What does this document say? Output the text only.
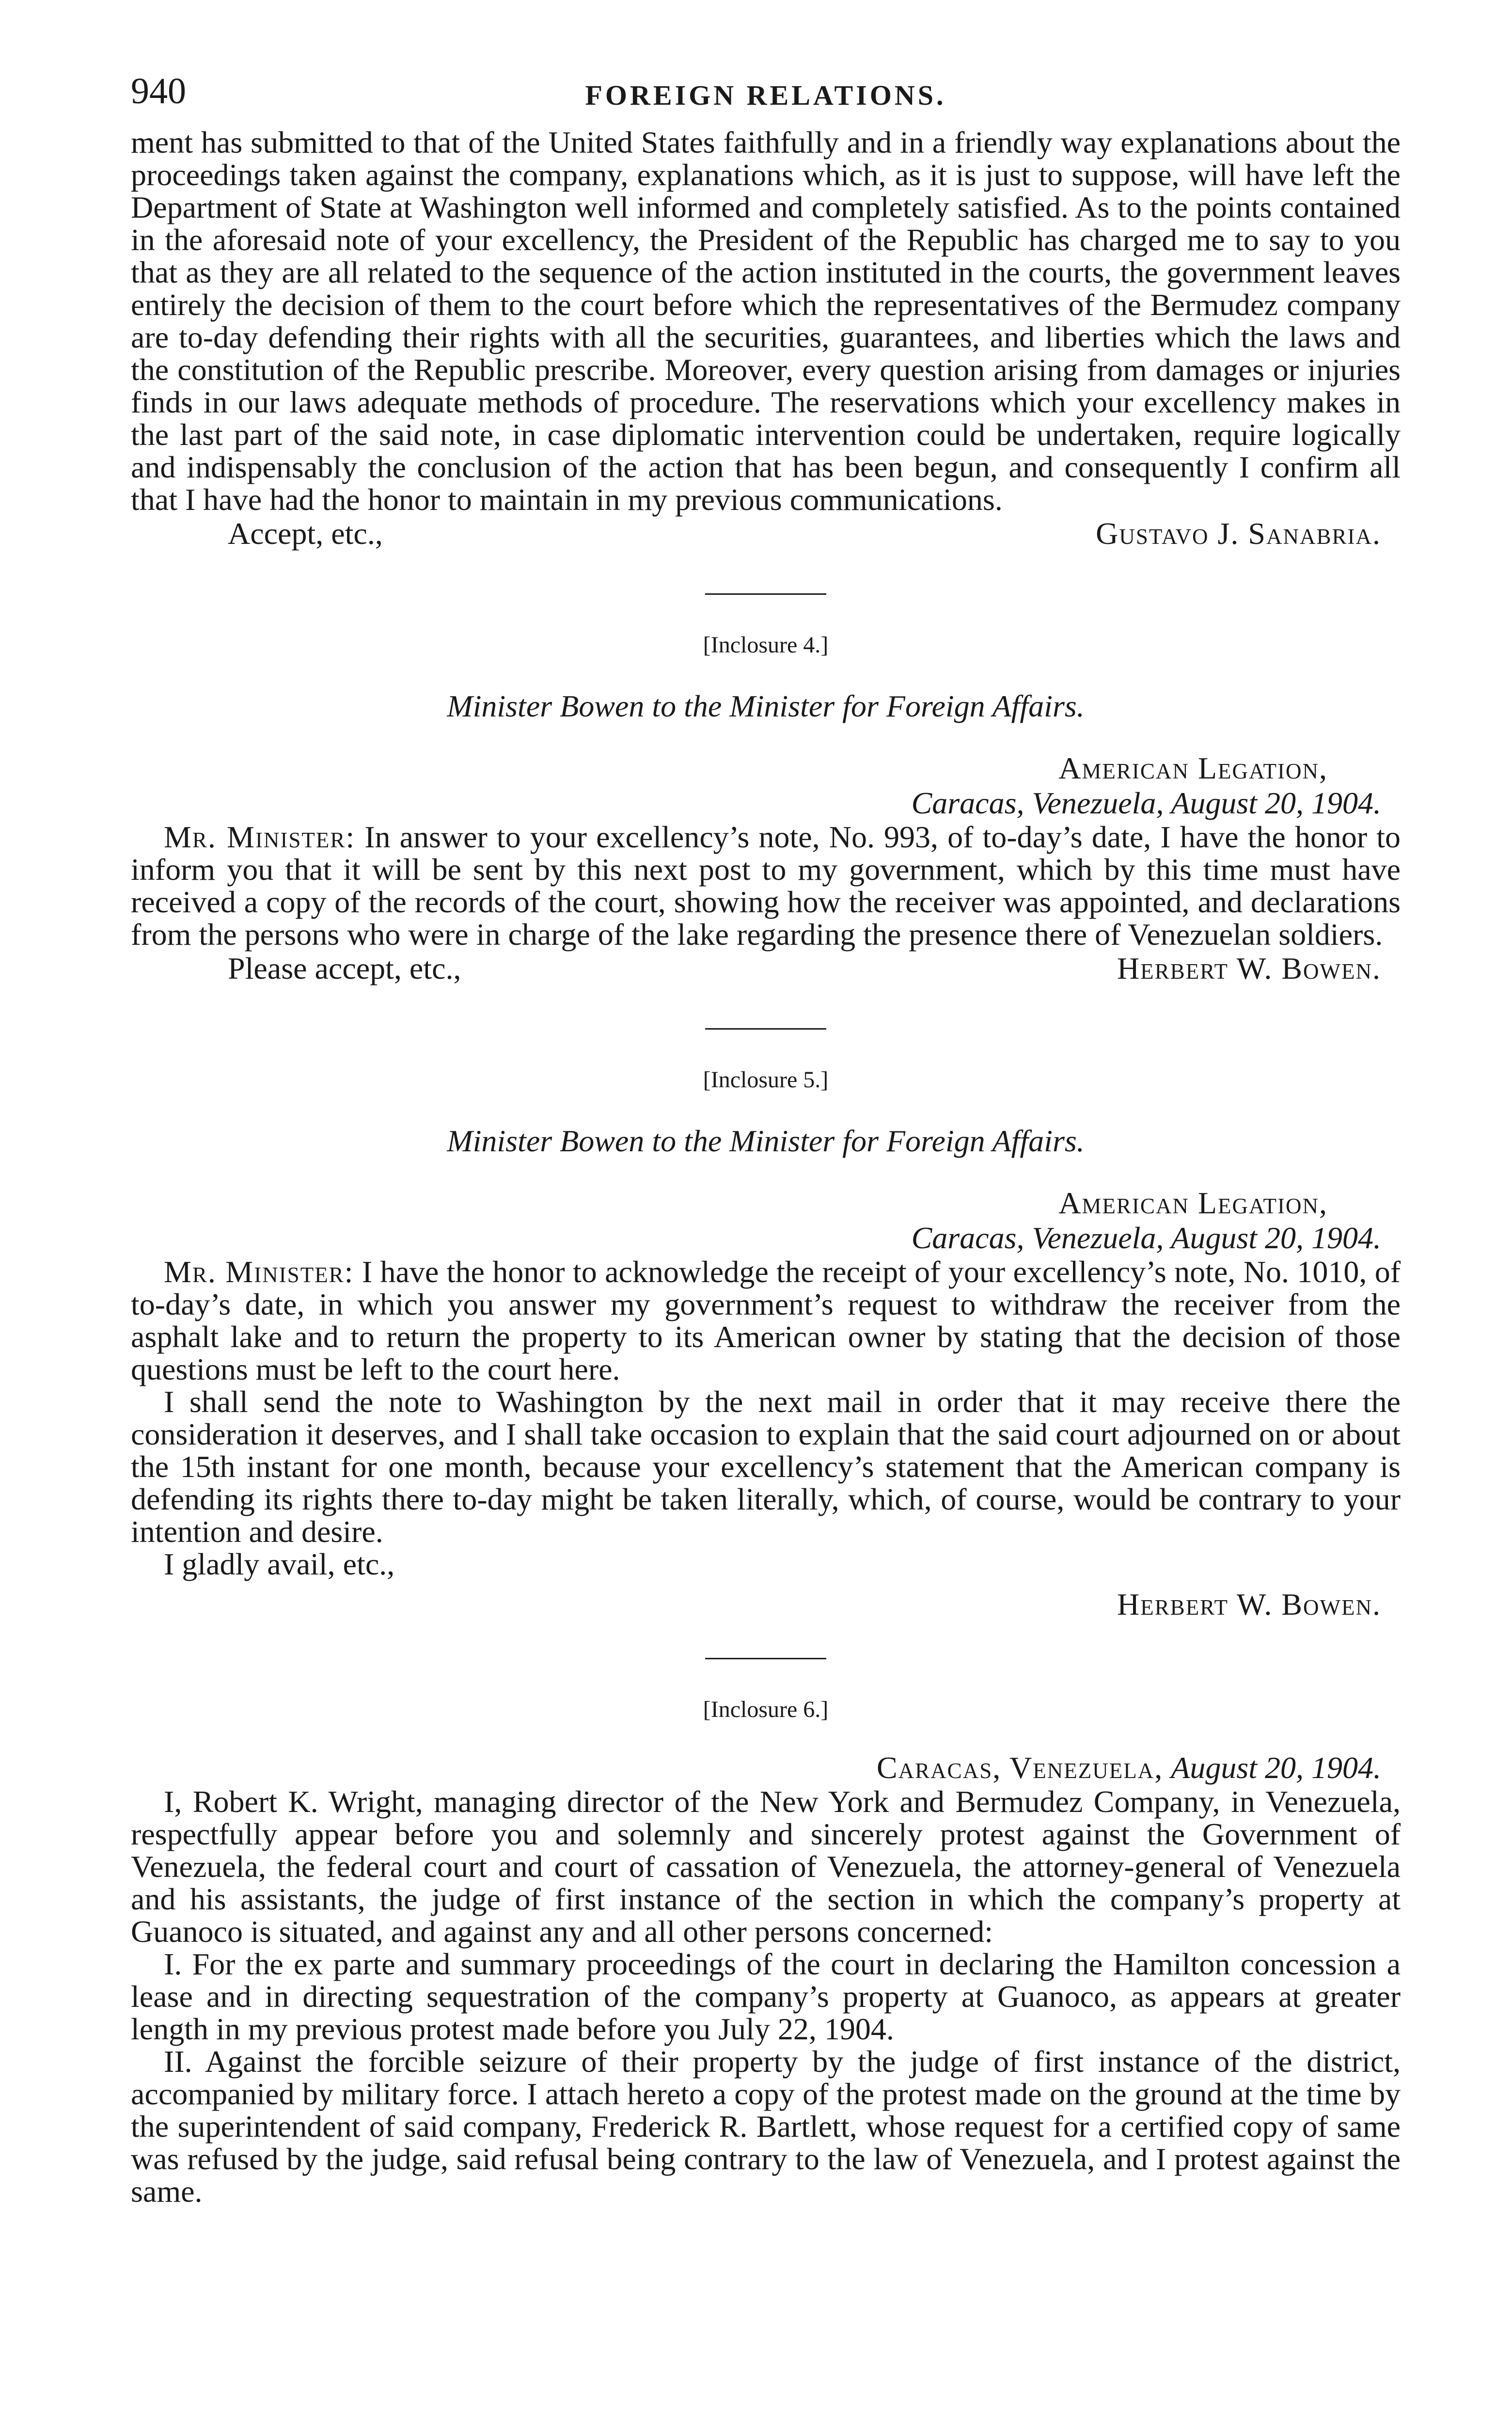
940	FOREIGN RELATIONS.

ment has submitted to that of the United States faithfully and in a friendly way explanations about the proceedings taken against the company, explanations which, as it is just to suppose, will have left the Department of State at Washington well informed and completely satisfied. As to the points contained in the aforesaid note of your excellency, the President of the Republic has charged me to say to you that as they are all related to the sequence of the action instituted in the courts, the government leaves entirely the decision of them to the court before which the representatives of the Bermudez company are to-day defending their rights with all the securities, guarantees, and liberties which the laws and the constitution of the Republic prescribe. Moreover, every question arising from damages or injuries finds in our laws adequate methods of procedure. The reservations which your excellency makes in the last part of the said note, in case diplomatic intervention could be undertaken, require logically and indispensably the conclusion of the action that has been begun, and consequently I confirm all that I have had the honor to maintain in my previous communications.

Accept, etc.,	Gustavo J. Sanabria.
[Inclosure 4.]
Minister Bowen to the Minister for Foreign Affairs.
American Legation,
Caracas, Venezuela, August 20, 1904.

Mr. Minister: In answer to your excellency’s note, No. 993, of to-day’s date, I have the honor to inform you that it will be sent by this next post to my government, which by this time must have received a copy of the records of the court, showing how the receiver was appointed, and declarations from the persons who were in charge of the lake regarding the presence there of Venezuelan soldiers.

Please accept, etc.,	Herbert W. Bowen.
[Inclosure 5.]
Minister Bowen to the Minister for Foreign Affairs.
American Legation,
Caracas, Venezuela, August 20, 1904.

Mr. Minister: I have the honor to acknowledge the receipt of your excellency’s note, No. 1010, of to-day’s date, in which you answer my government’s request to withdraw the receiver from the asphalt lake and to return the property to its American owner by stating that the decision of those questions must be left to the court here.

I shall send the note to Washington by the next mail in order that it may receive there the consideration it deserves, and I shall take occasion to explain that the said court adjourned on or about the 15th instant for one month, because your excellency’s statement that the American company is defending its rights there to-day might be taken literally, which, of course, would be contrary to your intention and desire.

I gladly avail, etc.,

Herbert W. Bowen.
[Inclosure 6.]
Caracas, Venezuela, August 20, 1904.

I, Robert K. Wright, managing director of the New York and Bermudez Company, in Venezuela, respectfully appear before you and solemnly and sincerely protest against the Government of Venezuela, the federal court and court of cassation of Venezuela, the attorney-general of Venezuela and his assistants, the judge of first instance of the section in which the company’s property at Guanoco is situated, and against any and all other persons concerned:

I. For the ex parte and summary proceedings of the court in declaring the Hamilton concession a lease and in directing sequestration of the company’s property at Guanoco, as appears at greater length in my previous protest made before you July 22, 1904.

II. Against the forcible seizure of their property by the judge of first instance of the district, accompanied by military force. I attach hereto a copy of the protest made on the ground at the time by the superintendent of said company, Frederick R. Bartlett, whose request for a certified copy of same was refused by the judge, said refusal being contrary to the law of Venezuela, and I protest against the same.
